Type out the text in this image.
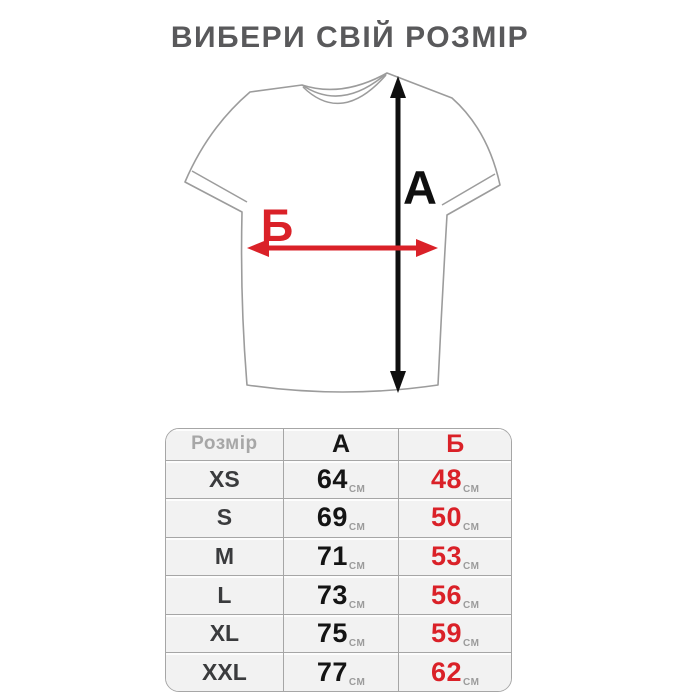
ВИБЕРИ СВІЙ РОЗМІР
А
Б
Розмір	А	Б
XS	64СМ	48СМ
S	69СМ	50СМ
M	71СМ	53СМ
L	73СМ	56СМ
XL	75СМ	59СМ
XXL	77СМ	62СМ
